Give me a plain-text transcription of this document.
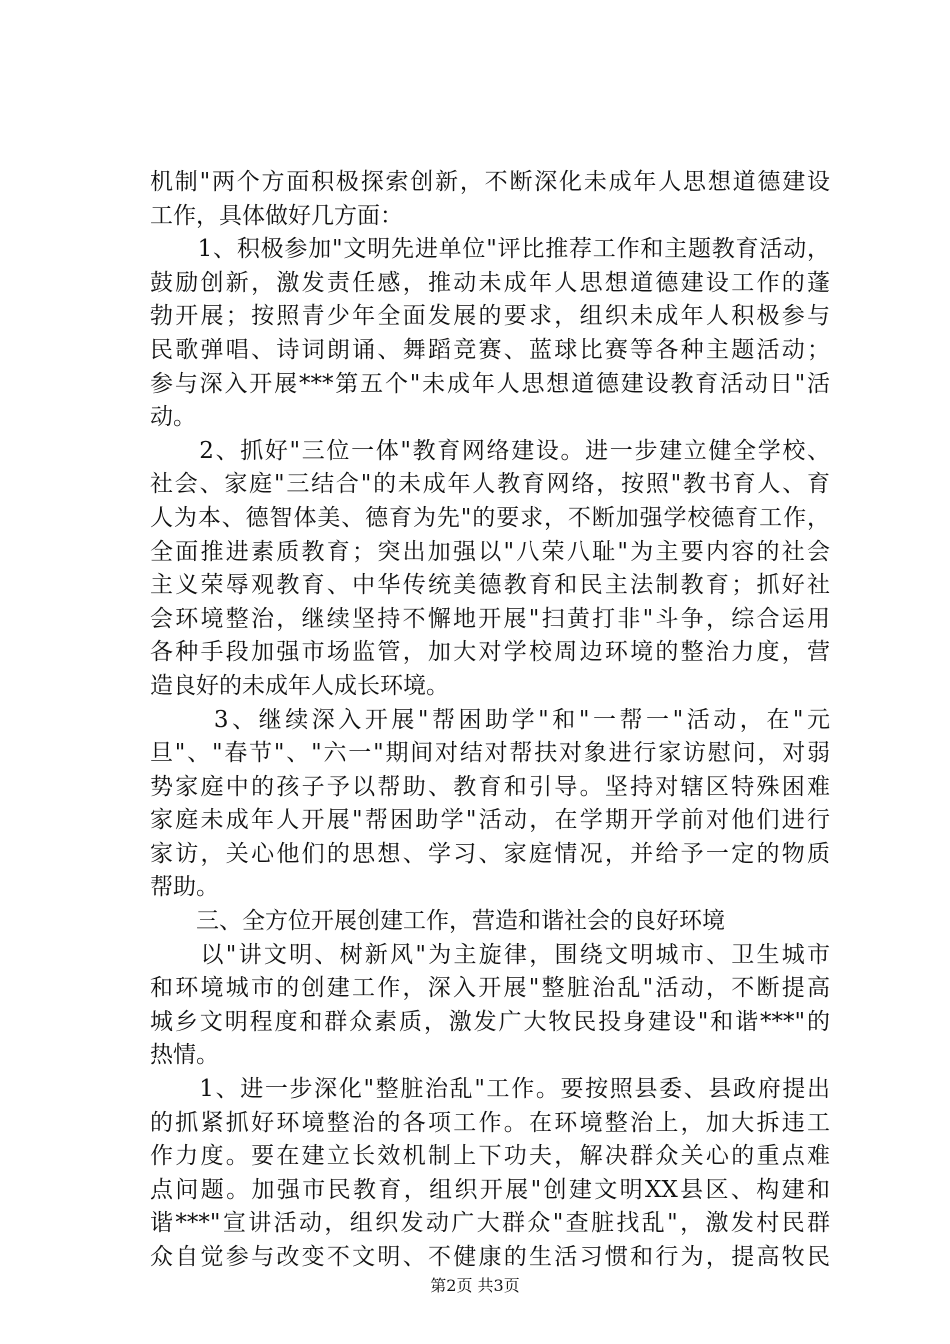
机制"两个方面积极探索创新，不断深化未成年人思想道德建设
工作，具体做好几方面：
　　1、积极参加"文明先进单位"评比推荐工作和主题教育活动，
鼓励创新，激发责任感，推动未成年人思想道德建设工作的蓬
勃开展；按照青少年全面发展的要求，组织未成年人积极参与
民歌弹唱、诗词朗诵、舞蹈竞赛、蓝球比赛等各种主题活动；
参与深入开展***第五个"未成年人思想道德建设教育活动日"活
动。
　　2、抓好"三位一体"教育网络建设。进一步建立健全学校、
社会、家庭"三结合"的未成年人教育网络，按照"教书育人、育
人为本、德智体美、德育为先"的要求，不断加强学校德育工作，
全面推进素质教育；突出加强以"八荣八耻"为主要内容的社会
主义荣辱观教育、中华传统美德教育和民主法制教育；抓好社
会环境整治，继续坚持不懈地开展"扫黄打非"斗争，综合运用
各种手段加强市场监管，加大对学校周边环境的整治力度，营
造良好的未成年人成长环境。
　　 3、继续深入开展"帮困助学"和"一帮一"活动，在"元
旦"、"春节"、"六一"期间对结对帮扶对象进行家访慰问，对弱
势家庭中的孩子予以帮助、教育和引导。坚持对辖区特殊困难
家庭未成年人开展"帮困助学"活动，在学期开学前对他们进行
家访，关心他们的思想、学习、家庭情况，并给予一定的物质
帮助。
　　三、全方位开展创建工作，营造和谐社会的良好环境
　　以"讲文明、树新风"为主旋律，围绕文明城市、卫生城市
和环境城市的创建工作，深入开展"整脏治乱"活动，不断提高
城乡文明程度和群众素质，激发广大牧民投身建设"和谐***"的
热情。
　　1、进一步深化"整脏治乱"工作。要按照县委、县政府提出
的抓紧抓好环境整治的各项工作。在环境整治上，加大拆违工
作力度。要在建立长效机制上下功夫，解决群众关心的重点难
点问题。加强市民教育，组织开展"创建文明XX县区、构建和
谐***"宣讲活动，组织发动广大群众"查脏找乱"，激发村民群
众自觉参与改变不文明、不健康的生活习惯和行为，提高牧民
第2页 共3页
